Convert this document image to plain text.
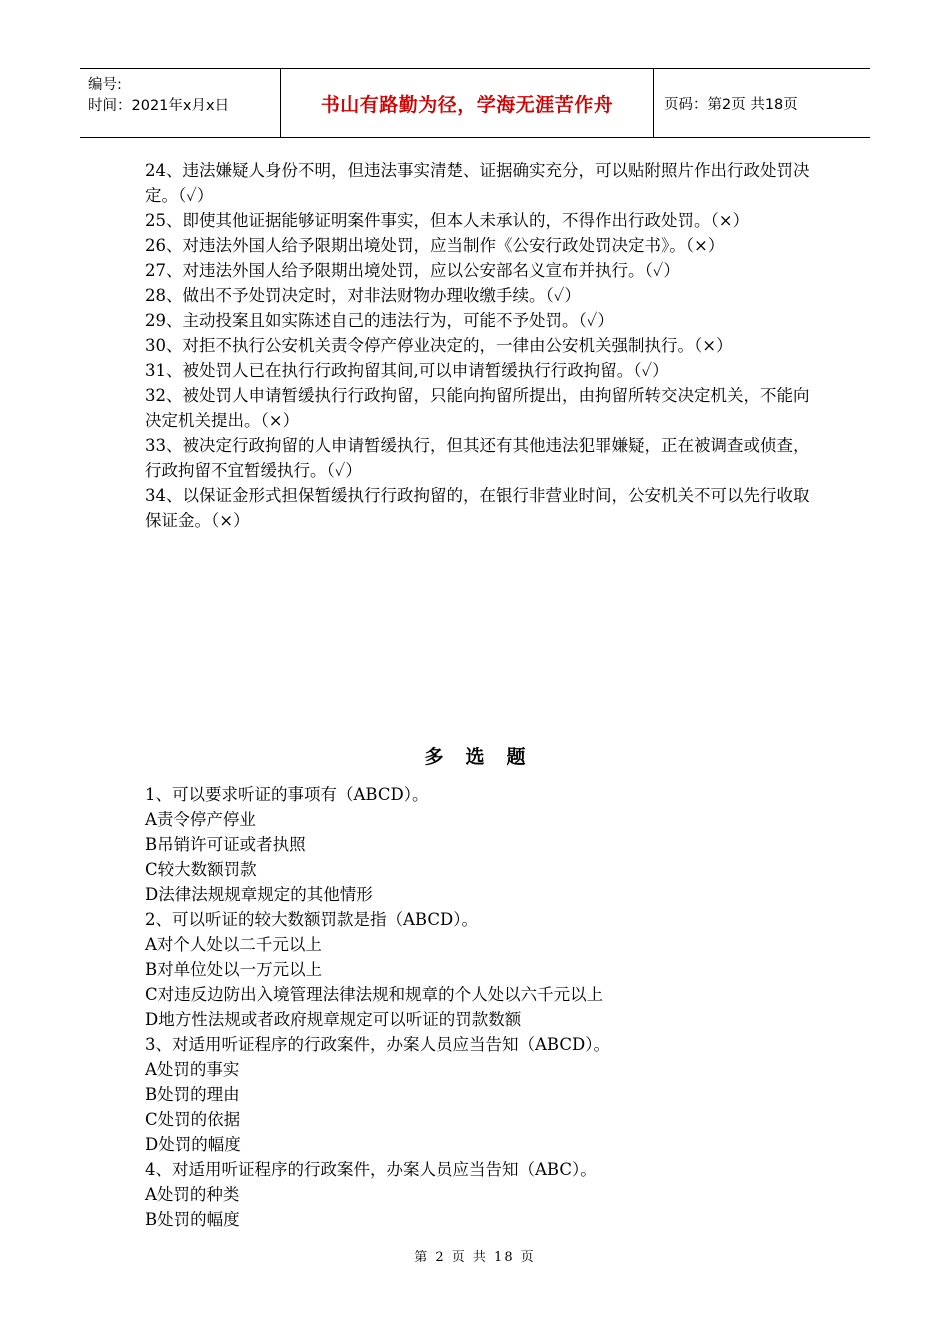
编号:
时间：2021年x月x日	书山有路勤为径，学海无涯苦作舟	页码：第2页 共18页

24、违法嫌疑人身份不明，但违法事实清楚、证据确实充分，可以贴附照片作出行政处罚决定。（✓）

25、即使其他证据能够证明案件事实，但本人未承认的，不得作出行政处罚。（×）

26、对违法外国人给予限期出境处罚，应当制作《公安行政处罚决定书》。（×）

27、对违法外国人给予限期出境处罚，应以公安部名义宣布并执行。（✓）

28、做出不予处罚决定时，对非法财物办理收缴手续。（✓）

29、主动投案且如实陈述自己的违法行为，可能不予处罚。（✓）

30、对拒不执行公安机关责令停产停业决定的，一律由公安机关强制执行。（×）

31、被处罚人已在执行行政拘留其间,可以申请暂缓执行行政拘留。（✓）

32、被处罚人申请暂缓执行行政拘留，只能向拘留所提出，由拘留所转交决定机关，不能向决定机关提出。（×）

33、被决定行政拘留的人申请暂缓执行，但其还有其他违法犯罪嫌疑，正在被调查或侦查，行政拘留不宜暂缓执行。（✓）

34、以保证金形式担保暂缓执行行政拘留的，在银行非营业时间，公安机关不可以先行收取保证金。（×）

多选题

1、可以要求听证的事项有（ABCD）。

A责令停产停业

B吊销许可证或者执照

C较大数额罚款

D法律法规规章规定的其他情形

2、可以听证的较大数额罚款是指（ABCD）。

A对个人处以二千元以上

B对单位处以一万元以上

C对违反边防出入境管理法律法规和规章的个人处以六千元以上

D地方性法规或者政府规章规定可以听证的罚款数额

3、对适用听证程序的行政案件，办案人员应当告知（ABCD）。

A处罚的事实

B处罚的理由

C处罚的依据

D处罚的幅度

4、对适用听证程序的行政案件，办案人员应当告知（ABC）。

A处罚的种类

B处罚的幅度

第 2 页 共 18 页
